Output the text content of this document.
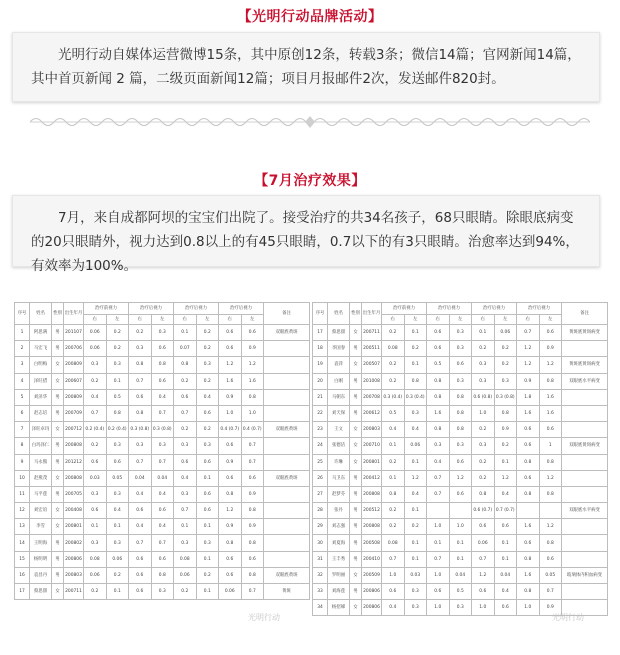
【光明行动品牌活动】
光明行动自媒体运营微博15条，其中原创12条，转载3条；微信14篇；官网新闻14篇，其中首页新闻 2 篇，二级页面新闻12篇；项目月报邮件2次，发送邮件820封。
【7月治疗效果】
7月，来自成都阿坝的宝宝们出院了。接受治疗的共34名孩子，68只眼睛。除眼底病变的20只眼睛外，视力达到0.8以上的有45只眼睛，0.7以下的有3只眼睛。治愈率达到94%，有效率为100%。
序号	姓名	性别	出生年月	治疗前视力		治疗后视力		治疗后视力		治疗后视力		备注
				右	左	右	左	右	左	右	左	
1	阿思满	男	201107	0.06	0.2	0.2	0.3	0.1	0.2	0.6	0.6	双眼底黄斑
2	马宏飞	男	200706	0.06	0.2	0.3	0.6	0.07	0.2	0.6	0.9	
3	白明梅	女	200809	0.3	0.3	0.8	0.8	0.8	0.3	1.2	1.2	
4	泽旺措	女	200607	0.2	0.1	0.7	0.6	0.2	0.2	1.6	1.6	
5	刘泽华	男	200809	0.4	0.5	0.6	0.4	0.6	0.4	0.9	0.8	
6	赵志培	男	200709	0.7	0.8	0.8	0.7	0.7	0.6	1.0	1.0	
7	泽旺卓玛	女	200712	0.2 (0.4)	0.2 (0.4)	0.3 (0.8)	0.3 (0.8)	0.2	0.2	0.4 (0.7)	0.4 (0.7)	双眼底黄斑
8	白玛泽仁	男	200808	0.2	0.3	0.3	0.3	0.3	0.3	0.6	0.7	
9	马永熊	男	201212	0.6	0.6	0.7	0.7	0.6	0.6	0.9	0.7	
10	赵燕茂	女	200808	0.03	0.05	0.04	0.04	0.4	0.1	0.6	0.6	双眼底黄斑
11	马平莲	男	200705	0.3	0.3	0.4	0.4	0.3	0.6	0.8	0.9	
12	刘宏谊	女	200408	0.6	0.4	0.6	0.6	0.7	0.6	1.2	0.8	
13	李雪	女	200801	0.1	0.1	0.4	0.4	0.1	0.1	0.9	0.9	
14	王明海	男	200802	0.3	0.3	0.7	0.7	0.3	0.3	0.8	0.8	
15	杨明明	男	200806	0.08	0.06	0.6	0.6	0.08	0.1	0.6	0.6	
16	袁昌丹	男	200803	0.06	0.2	0.6	0.8	0.06	0.2	0.6	0.8	双眼底黄斑
17	蔡思甜	女	200711	0.2	0.1	0.6	0.3	0.2	0.1	0.06	0.7	黄斑
序号	姓名	性别	出生年月	治疗前视力		治疗后视力		治疗后视力		治疗后视力		备注
				右	左	右	左	右	左	右	左	
17	蔡思甜	女	200711	0.2	0.1	0.6	0.3	0.1	0.06	0.7	0.6	黄斑底黄斑病变
18	李国春	男	200511	0.08	0.2	0.6	0.3	0.2	0.2	1.2	0.9	
19	袁萍	女	200507	0.2	0.1	0.5	0.6	0.3	0.2	1.2	1.2	黄斑底黄斑病变
20	白刚	男	201008	0.2	0.8	0.8	0.3	0.3	0.3	0.9	0.8	双眼底水平病变
21	马朝东	男	200708	0.3 (0.4)	0.3 (0.4)	0.8	0.8	0.6 (0.8)	0.3 (0.8)	1.8	1.6	
22	刘天保	男	200612	0.5	0.3	1.6	0.8	1.0	0.8	1.6	1.6	
23	王文	女	200803	0.4	0.4	0.8	0.8	0.2	0.9	0.6	0.6	
24	张德洁	女	200710	0.1	0.06	0.3	0.3	0.3	0.2	0.6	1	双眼底黄斑病变
25	许琳	女	200801	0.2	0.1	0.4	0.6	0.2	0.1	0.8	0.8	
26	马卫东	男	200412	0.1	1.2	0.7	1.2	0.2	1.2	0.6	1.2	
27	赵梦芬	男	200808	0.8	0.4	0.7	0.6	0.8	0.4	0.8	0.8	
28	张丹	男	200512	0.2	0.1			0.6 (0.7)	0.7 (0.7)			双眼底水平病变
29	刘志强	男	200808	0.2	0.2	1.0	1.0	0.6	0.6	1.6	1.2	
30	刘夏海	男	200508	0.08	0.1	0.1	0.1	0.06	0.1	0.6	0.8	
31	王丰秀	男	200410	0.7	0.1	0.7	0.1	0.7	0.1	0.8	0.6	
32	罗明丽	女	200509	1.0	0.03	1.0	0.04	1.2	0.04	1.6	0.05	玻璃体内积血病变
33	刘海莲	男	200806	0.6	0.3	0.6	0.5	0.6	0.4	0.8	0.7	
34	杨招娣	女	200806	0.4	0.3	1.0	0.3	1.0	0.6	1.0	0.9	
光明行动	光明行动
